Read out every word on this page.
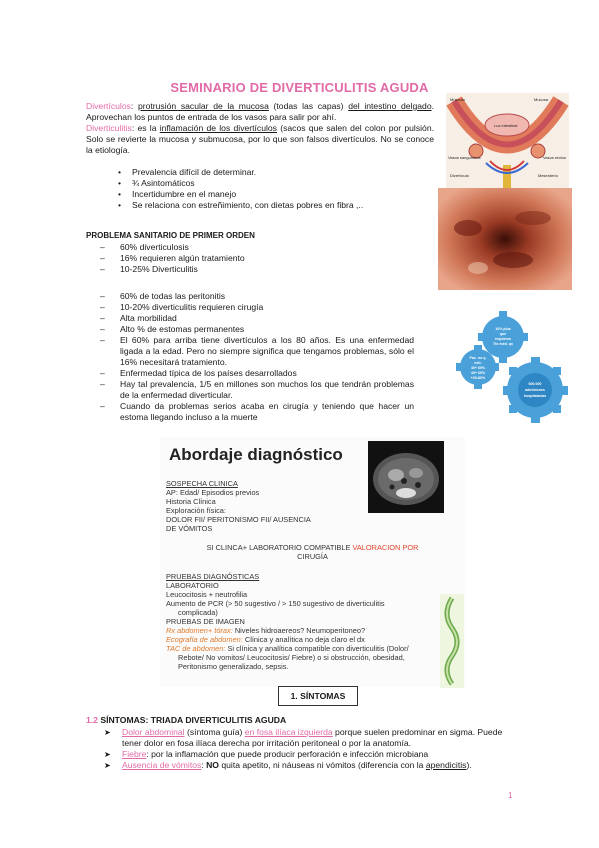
SEMINARIO DE DIVERTICULITIS AGUDA
Divertículos: protrusión sacular de la mucosa (todas las capas) del intestino delgado. Aprovechan los puntos de entrada de los vasos para salir por ahí.
Diverticulitis: es la inflamación de los divertículos (sacos que salen del colon por pulsión. Solo se revierte la mucosa y submucosa, por lo que son falsos divertículos. No se conoce la etiología.
• Prevalencia difícil de determinar.
• ¾ Asintomáticos
• Incertidumbre en el manejo
• Se relaciona con estreñimiento, con dietas pobres en fibra ,..
PROBLEMA SANITARIO DE PRIMER ORDEN
– 60% diverticulosis
– 16% requieren algún tratamiento
– 10-25% Diverticulitis
– 60% de todas las peritonitis
– 10-20% diverticulitis requieren cirugía
– Alta morbilidad
– Alto % de estomas permanentes
– El 60% para arriba tiene divertículos a los 80 años. Es una enfermedad ligada a la edad. Pero no siempre significa que tengamos problemas, sólo el 16% necesitará tratamiento.
– Enfermedad típica de los países desarrollados
– Hay tal prevalencia, 1/5 en millones son muchos los que tendrán problemas de la enfermedad diverticular.
– Cuando da problemas serios acaba en cirugía y teniendo que hacer un estoma llegando incluso a la muerte
Músculo	Mucosa
Luz intestinal
Divertículo
Vasos sanguíneos
Mesenterio
Vasos rectos
16% plus
que
requieren
Ttx méd. qx
Pac. no q.
extr.
40+ 60%
40+ 60%
+60-80%
600.000
admisiones
hospitalarias
Abordaje diagnóstico
SOSPECHA CLINICA
AP: Edad/ Episodios previos
Historia Clínica
Exploración física:
DOLOR FII/ PERITONISMO FII/ AUSENCIA
DE VÓMITOS
SI CLINCA+ LABORATORIO COMPATIBLE VALORACION POR
CIRUGÍA
PRUEBAS DIAGNÓSTICAS
LABORATORIO
Leucocitosis + neutrofilia
Aumento de PCR (> 50 sugestivo / > 150 sugestivo de diverticulitis
complicada)
PRUEBAS DE IMAGEN
Rx abdomen+ tórax: Niveles hidroaereos? Neumoperitoneo?
Ecografía de abdomen: Clínica y analítica no deja claro el dx
TAC de abdomen: Si clínica y analítica compatible con diverticulitis (Dolor/
Rebote/ No vomitos/ Leucocitosis/ Fiebre) o si obstrucción, obesidad,
Peritonismo generalizado, sepsis.
1. SÍNTOMAS
1.2 SÍNTOMAS: TRIADA DIVERTICULITIS AGUDA
➤ Dolor abdominal (síntoma guía) en fosa ilíaca izquierda porque suelen predominar en sigma. Puede tener dolor en fosa ilíaca derecha por irritación peritoneal o por la anatomía.
➤ Fiebre: por la inflamación que puede producir perforación e infección microbiana
➤ Ausencia de vómitos: NO quita apetito, ni náuseas ni vómitos (diferencia con la apendicitis).
1
